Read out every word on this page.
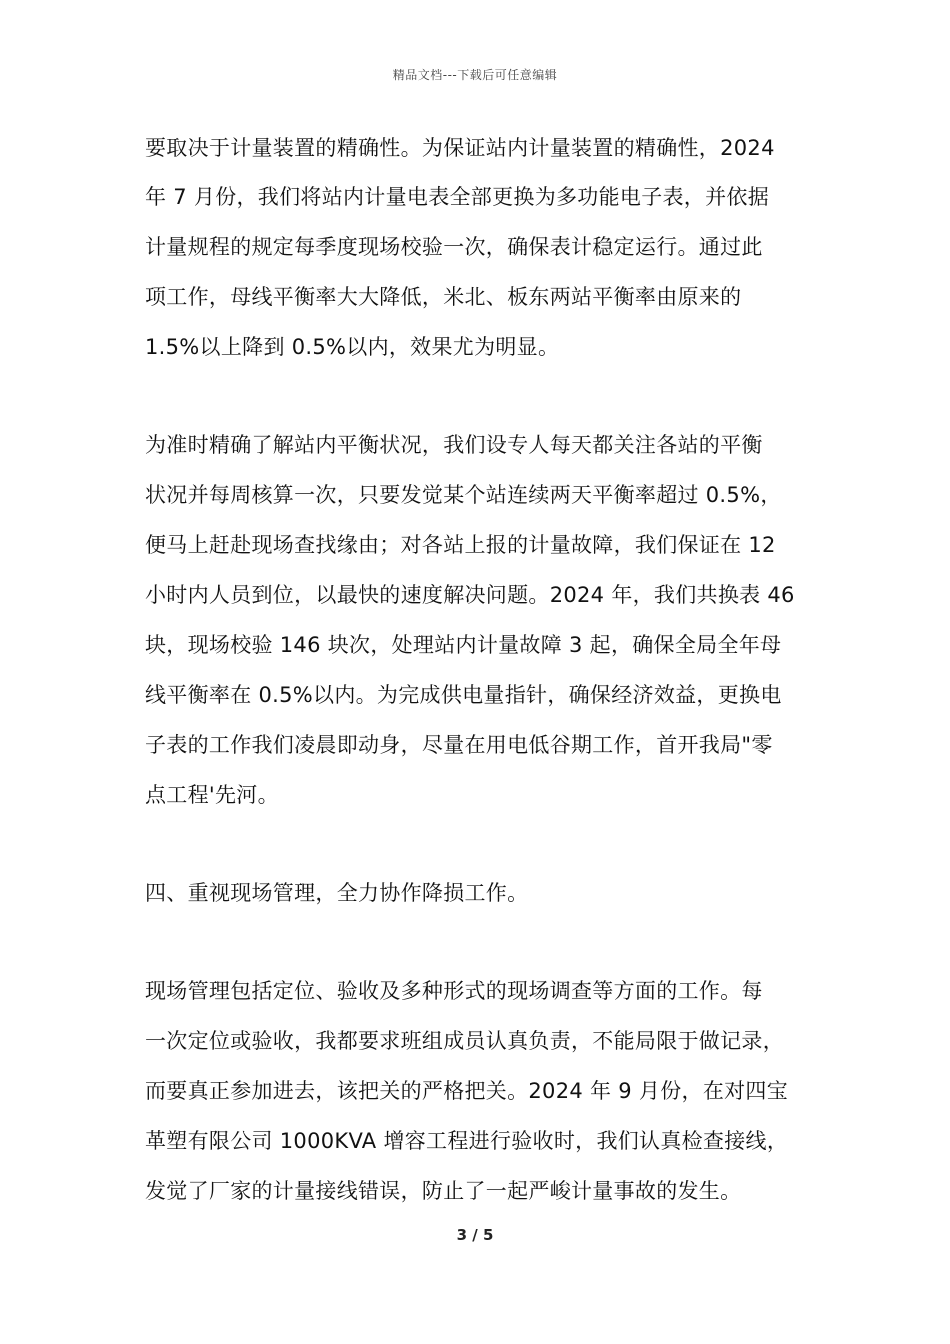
精品文档---下载后可任意编辑
要取决于计量装置的精确性。为保证站内计量装置的精确性，2024
年 7 月份，我们将站内计量电表全部更换为多功能电子表，并依据
计量规程的规定每季度现场校验一次，确保表计稳定运行。通过此
项工作，母线平衡率大大降低，米北、板东两站平衡率由原来的
1.5%以上降到 0.5%以内，效果尤为明显。
为准时精确了解站内平衡状况，我们设专人每天都关注各站的平衡
状况并每周核算一次，只要发觉某个站连续两天平衡率超过 0.5%，
便马上赶赴现场查找缘由；对各站上报的计量故障，我们保证在 12
小时内人员到位，以最快的速度解决问题。2024 年，我们共换表 46
块，现场校验 146 块次，处理站内计量故障 3 起，确保全局全年母
线平衡率在 0.5%以内。为完成供电量指针，确保经济效益，更换电
子表的工作我们凌晨即动身，尽量在用电低谷期工作，首开我局"零
点工程'先河。
四、重视现场管理，全力协作降损工作。
现场管理包括定位、验收及多种形式的现场调查等方面的工作。每
一次定位或验收，我都要求班组成员认真负责，不能局限于做记录，
而要真正参加进去，该把关的严格把关。2024 年 9 月份，在对四宝
革塑有限公司 1000KVA 增容工程进行验收时，我们认真检查接线，
发觉了厂家的计量接线错误，防止了一起严峻计量事故的发生。
3 / 5
